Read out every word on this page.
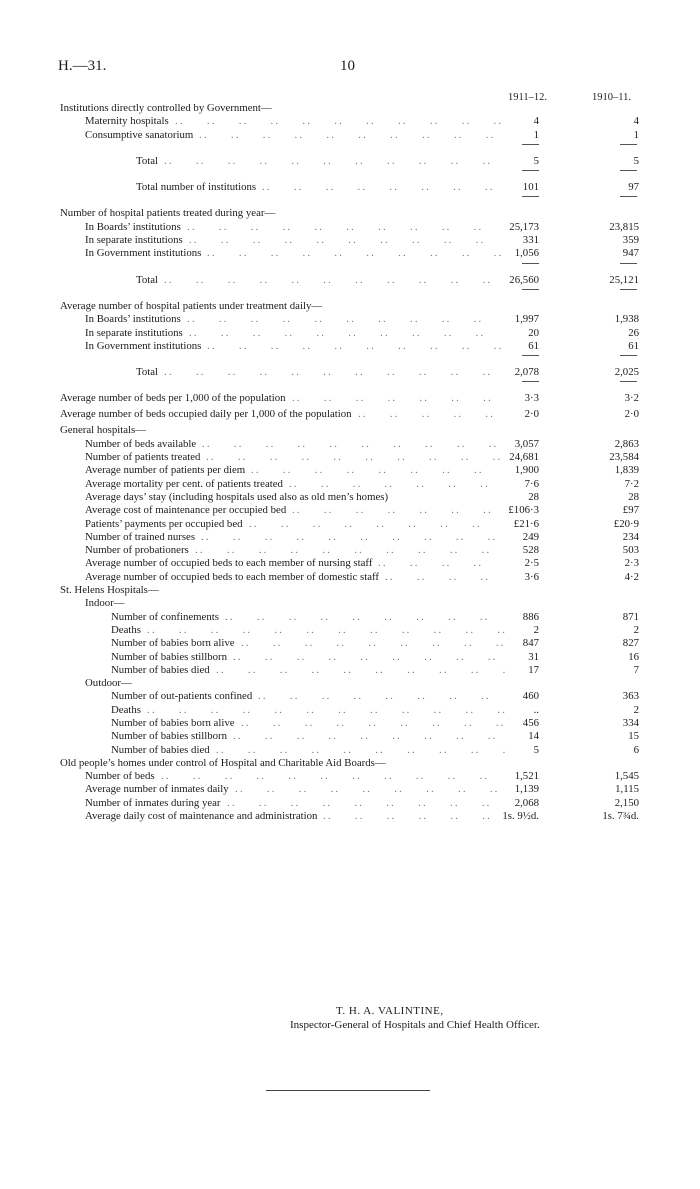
H.—31.	10
1911–12.	1910–11.
Institutions directly controlled by Government—
Maternity hospitals . .   . .   . .   . .   . .   . .   . .   . .   . .   . .   . .	4	4
Consumptive sanatorium . .   . .   . .   . .   . .   . .   . .   . .   . .   . . 	1	1
Total . .   . .   . .   . .   . .   . .   . .   . .   . .   . .   . . 	5	5
Total number of institutions . .   . .   . .   . .   . .   . .   . .   . .  101	97
Number of hospital patients treated during year—
In Boards’ institutions . .   . .   . .   . .   . .   . .   . .   . .   . .   . .   25,173	23,815
In separate institutions . .   . .   . .   . .   . .   . .   . .   . .   . .   . .   331	359
In Government institutions . .   . .   . .   . .   . .   . .   . .   . .   . .   . . 1,056	947
Total . .   . .   . .   . .   . .   . .   . .   . .   . .   . .   . .  26,560	25,121
Average number of hospital patients under treatment daily—
In Boards’ institutions . .   . .   . .   . .   . .   . .   . .   . .   . .   . .   1,997	1,938
In separate institutions . .   . .   . .   . .   . .   . .   . .   . .   . .   . .   20	26
In Government institutions . .   . .   . .   . .   . .   . .   . .   . .   . .   . . 61	61
Total . .   . .   . .   . .   . .   . .   . .   . .   . .   . .   . .  2,078	2,025
Average number of beds per 1,000 of the population . .   . .   . .   . .   . .   . .   . .  3·3	3·2
Average number of beds occupied daily per 1,000 of the population . .   . .   . .   . .   . .	2·0	2·0
General hospitals—
Number of beds available . .   . .   . .   . .   . .   . .   . .   . .   . .   . . 3,057	2,863
Number of patients treated . .   . .   . .   . .   . .   . .   . .   . .   . .   . . 24,681	23,584
Average number of patients per diem . .   . .   . .   . .   . .   . .   . .   . .   1,900	1,839
Average mortality per cent. of patients treated . .   . .   . .   . .   . .   . .   . .  7·6	7·2
Average days’ stay (including hospitals used also as old men’s homes)	28	28
Average cost of maintenance per occupied bed . .   . .   . .   . .   . .   . .   . .  £106·3	£97
Patients’ payments per occupied bed . .   . .   . .   . .   . .   . .   . .   . .   £21·6	£20·9
Number of trained nurses . .   . .   . .   . .   . .   . .   . .   . .   . .   . .	249	234
Number of probationers . .   . .   . .   . .   . .   . .   . .   . .   . .   . .  528	503
Average number of occupied beds to each member of nursing staff . .   . .   . .   . .	2·5	2·3
Average number of occupied beds to each member of domestic staff . .   . .   . .   . .	3·6	4·2
St. Helens Hospitals—
Indoor—
Number of confinements . .   . .   . .   . .   . .   . .   . .   . .   . .  886	871
Deaths . .   . .   . .   . .   . .   . .   . .   . .   . .   . .   . .   . .	2	2
Number of babies born alive . .   . .   . .   . .   . .   . .   . .   . .   . . 847	827
Number of babies stillborn . .   . .   . .   . .   . .   . .   . .   . .   . .	31	16
Number of babies died . .   . .   . .   . .   . .   . .   . .   . .   . .   . 17	7
Outdoor—
Number of out-patients confined . .   . .   . .   . .   . .   . .   . .   . .  460	363
Deaths . .   . .   . .   . .   . .   . .   . .   . .   . .   . .   . .   . .	..	2
Number of babies born alive . .   . .   . .   . .   . .   . .   . .   . .   . . 456	334
Number of babies stillborn . .   . .   . .   . .   . .   . .   . .   . .   . .	14	15
Number of babies died . .   . .   . .   . .   . .   . .   . .   . .   . .   .	5	6
Old people’s homes under control of Hospital and Charitable Aid Boards—
Number of beds . .   . .   . .   . .   . .   . .   . .   . .   . .   . .   . .  1,521	1,545
Average number of inmates daily . .   . .   . .   . .   . .   . .   . .   . .   . . 1,139	1,115
Number of inmates during year . .   . .   . .   . .   . .   . .   . .   . .   . .  2,068	2,150
Average daily cost of maintenance and administration . .   . .   . .   . .   . .   . .  1s. 9½d.	1s. 7¾d.
T. H. A. VALINTINE,
Inspector-General of Hospitals and Chief Health Officer.
